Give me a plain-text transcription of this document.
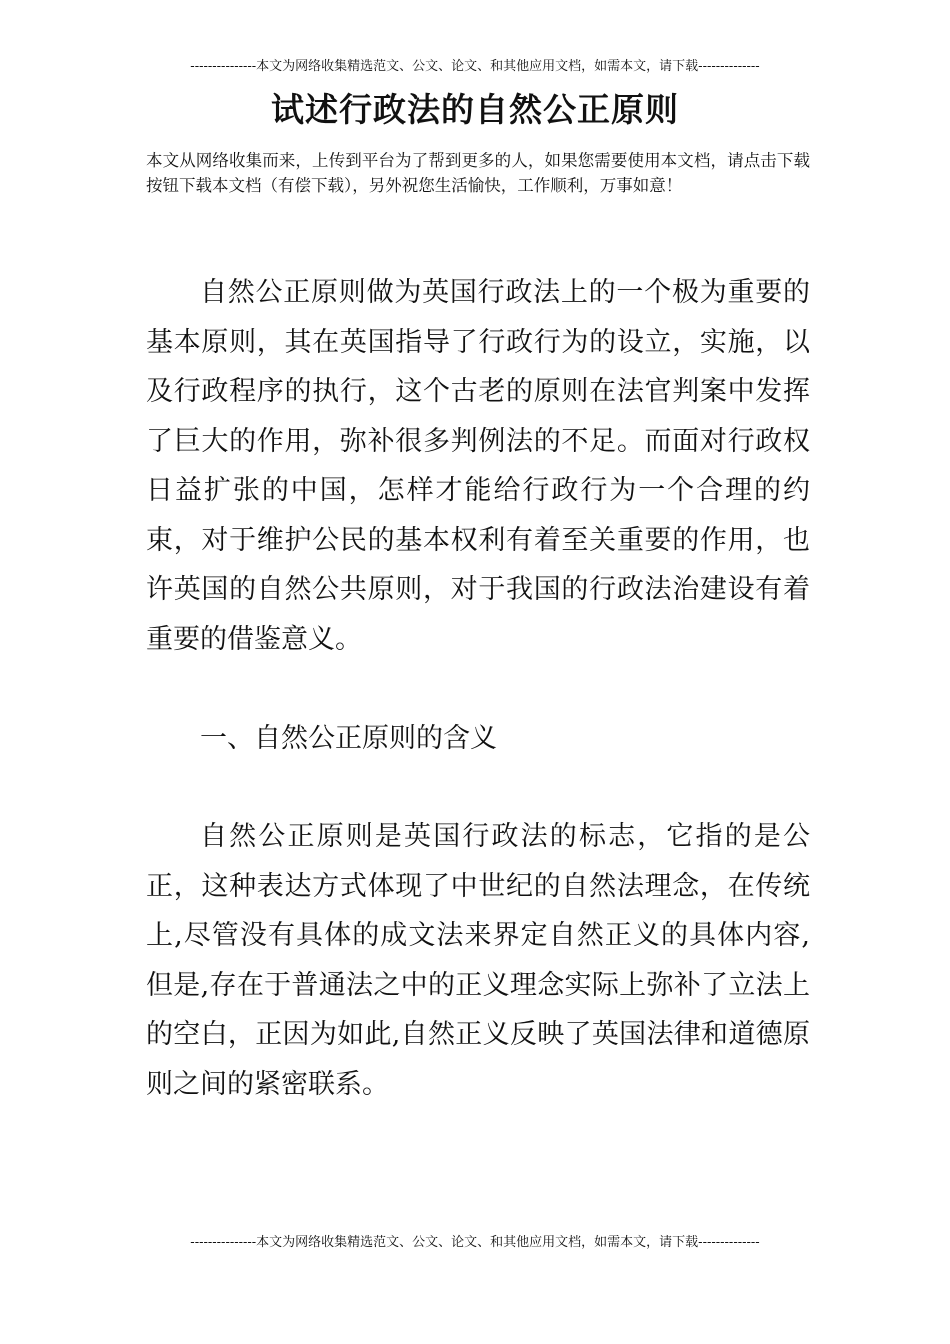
---------------本文为网络收集精选范文、公文、论文、和其他应用文档，如需本文，请下载--------------
试述行政法的自然公正原则

本文从网络收集而来，上传到平台为了帮到更多的人，如果您需要使用本文档，请点击下载按钮下载本文档（有偿下载），另外祝您生活愉快，工作顺利，万事如意！

自然公正原则做为英国行政法上的一个极为重要的基本原则，其在英国指导了行政行为的设立，实施，以及行政程序的执行，这个古老的原则在法官判案中发挥了巨大的作用，弥补很多判例法的不足。而面对行政权日益扩张的中国，怎样才能给行政行为一个合理的约束，对于维护公民的基本权利有着至关重要的作用，也许英国的自然公共原则，对于我国的行政法治建设有着重要的借鉴意义。

一、自然公正原则的含义

自然公正原则是英国行政法的标志，它指的是公正，这种表达方式体现了中世纪的自然法理念，在传统上,尽管没有具体的成文法来界定自然正义的具体内容,但是,存在于普通法之中的正义理念实际上弥补了立法上的空白，正因为如此,自然正义反映了英国法律和道德原则之间的紧密联系。

---------------本文为网络收集精选范文、公文、论文、和其他应用文档，如需本文，请下载--------------
